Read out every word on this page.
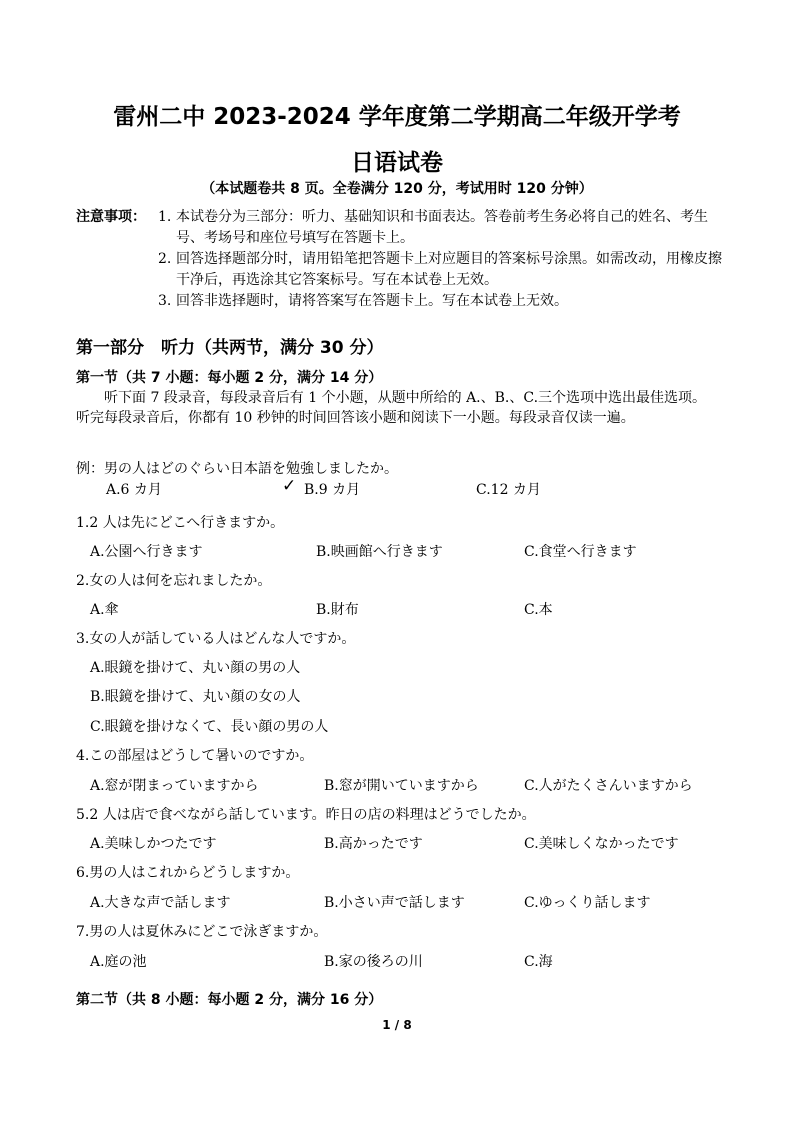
雷州二中 2023-2024 学年度第二学期高二年级开学考
日语试卷
（本试题卷共 8 页。全卷满分 120 分，考试用时 120 分钟）
注意事项： 1. 本试卷分为三部分：听力、基础知识和书面表达。答卷前考生务必将自己的姓名、考生号、考场号和座位号填写在答题卡上。
2. 回答选择题部分时，请用铅笔把答题卡上对应题目的答案标号涂黑。如需改动，用橡皮擦干净后，再选涂其它答案标号。写在本试卷上无效。
3. 回答非选择题时，请将答案写在答题卡上。写在本试卷上无效。
第一部分　听力（共两节，满分 30 分）
第一节（共 7 小题：每小题 2 分，满分 14 分）

听下面 7 段录音，每段录音后有 1 个小题，从题中所给的 A.、B.、C.三个选项中选出最佳选项。听完每段录音后，你都有 10 秒钟的时间回答该小题和阅读下一小题。每段录音仅读一遍。

例：男の人はどのぐらい日本語を勉強しましたか。

A.6 カ月	✓ B.9 カ月	C.12 カ月

1.2 人は先にどこへ行きますか。

A.公園へ行きます	B.映画館へ行きます	C.食堂へ行きます

2.女の人は何を忘れましたか。

A.傘	B.財布	C.本

3.女の人が話している人はどんな人ですか。

A.眼鏡を掛けて、丸い顔の男の人
B.眼鏡を掛けて、丸い顔の女の人
C.眼鏡を掛けなくて、長い顔の男の人

4.この部屋はどうして暑いのですか。

A.窓が閉まっていますから	B.窓が開いていますから	C.人がたくさんいますから

5.2 人は店で食べながら話しています。昨日の店の料理はどうでしたか。

A.美味しかつたです	B.高かったです	C.美味しくなかったです

6.男の人はこれからどうしますか。

A.大きな声で話します	B.小さい声で話します	C.ゆっくり話します

7.男の人は夏休みにどこで泳ぎますか。

A.庭の池	B.家の後ろの川	C.海
第二节（共 8 小题：每小题 2 分，满分 16 分）
1 / 8
